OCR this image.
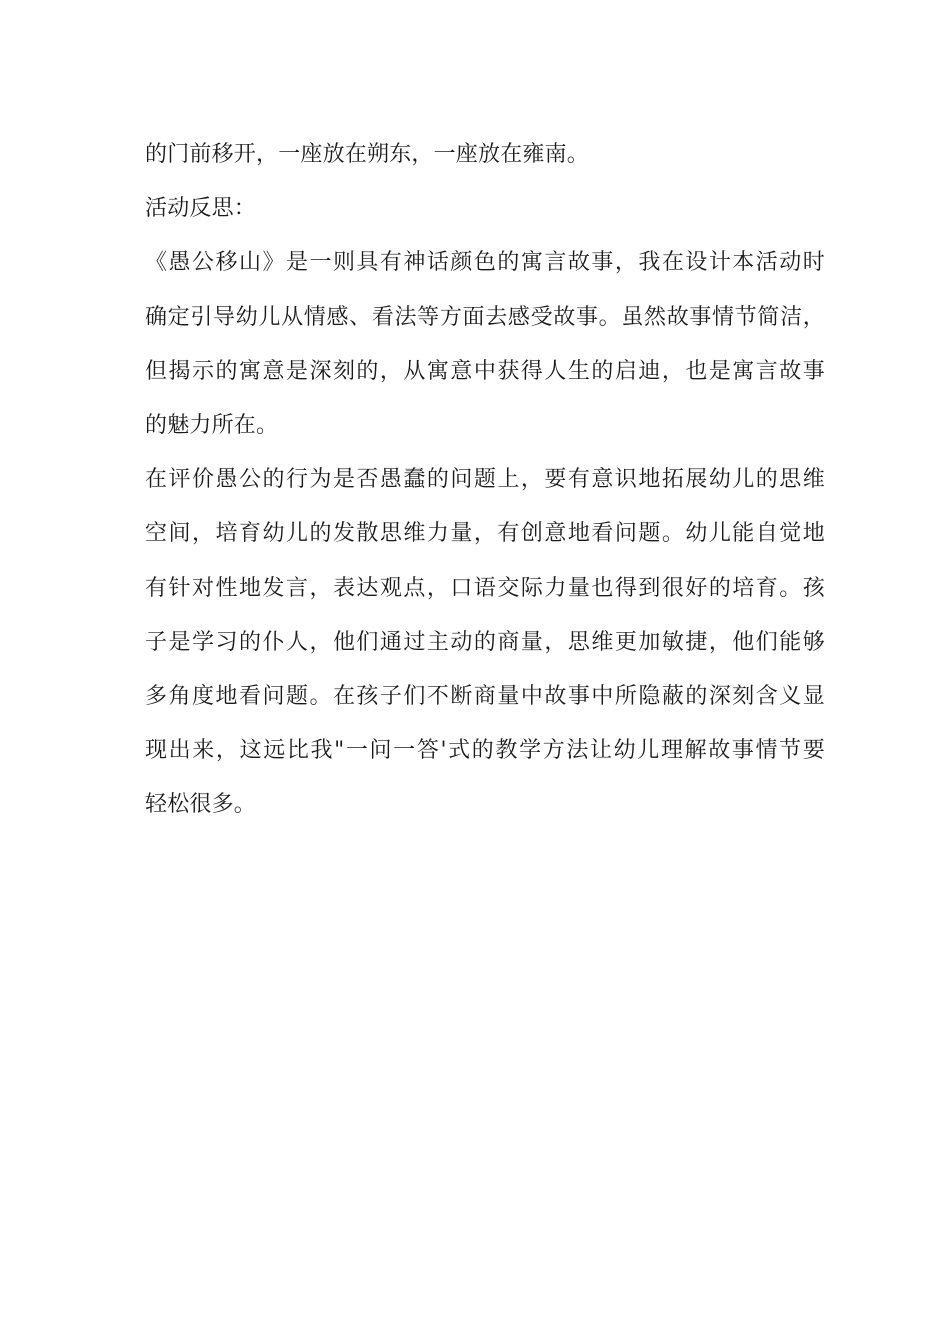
的门前移开，一座放在朔东，一座放在雍南。
活动反思：
《愚公移山》是一则具有神话颜色的寓言故事，我在设计本活动时
确定引导幼儿从情感、看法等方面去感受故事。虽然故事情节简洁，
但揭示的寓意是深刻的，从寓意中获得人生的启迪，也是寓言故事
的魅力所在。
在评价愚公的行为是否愚蠢的问题上，要有意识地拓展幼儿的思维
空间，培育幼儿的发散思维力量，有创意地看问题。幼儿能自觉地
有针对性地发言，表达观点，口语交际力量也得到很好的培育。孩
子是学习的仆人，他们通过主动的商量，思维更加敏捷，他们能够
多角度地看问题。在孩子们不断商量中故事中所隐蔽的深刻含义显
现出来，这远比我"一问一答'式的教学方法让幼儿理解故事情节要
轻松很多。
